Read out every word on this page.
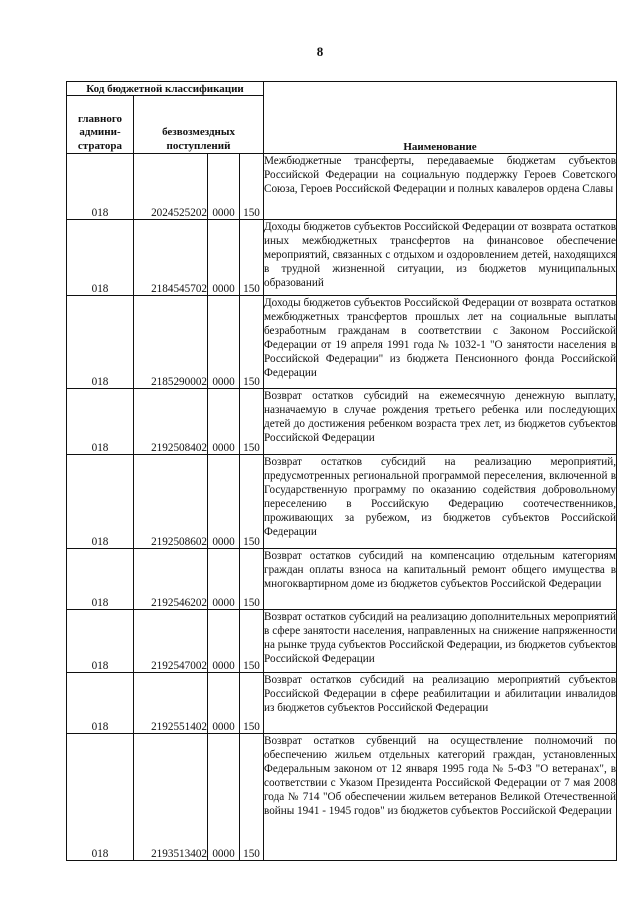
8
Код бюджетной классификации				Наименование
главного админи-стратора	безвозмездных поступлений			
018	2024525202	0000	150	Межбюджетные трансферты, передаваемые бюджетам субъектов Российской Федерации на социальную поддержку Героев Советского Союза, Героев Российской Федерации и полных кавалеров ордена Славы
018	2184545702	0000	150	Доходы бюджетов субъектов Российской Федерации от возврата остатков иных межбюджетных трансфертов на финансовое обеспечение мероприятий, связанных с отдыхом и оздоровлением детей, находящихся в трудной жизненной ситуации, из бюджетов муниципальных образований
018	2185290002	0000	150	Доходы бюджетов субъектов Российской Федерации от возврата остатков межбюджетных трансфертов прошлых лет на социальные выплаты безработным гражданам в соответствии с Законом Российской Федерации от 19 апреля 1991 года № 1032-1 "О занятости населения в Российской Федерации" из бюджета Пенсионного фонда Российской Федерации
018	2192508402	0000	150	Возврат остатков субсидий на ежемесячную денежную выплату, назначаемую в случае рождения третьего ребенка или последующих детей до достижения ребенком возраста трех лет, из бюджетов субъектов Российской Федерации
018	2192508602	0000	150	Возврат остатков субсидий на реализацию мероприятий, предусмотренных региональной программой переселения, включенной в Государственную программу по оказанию содействия добровольному переселению в Российскую Федерацию соотечественников, проживающих за рубежом, из бюджетов субъектов Российской Федерации
018	2192546202	0000	150	Возврат остатков субсидий на компенсацию отдельным категориям граждан оплаты взноса на капитальный ремонт общего имущества в многоквартирном доме из бюджетов субъектов Российской Федерации
018	2192547002	0000	150	Возврат остатков субсидий на реализацию дополнительных мероприятий в сфере занятости населения, направленных на снижение напряженности на рынке труда субъектов Российской Федерации, из бюджетов субъектов Российской Федерации
018	2192551402	0000	150	Возврат остатков субсидий на реализацию мероприятий субъектов Российской Федерации в сфере реабилитации и абилитации инвалидов из бюджетов субъектов Российской Федерации
018	2193513402	0000	150	Возврат остатков субвенций на осуществление полномочий по обеспечению жильем отдельных категорий граждан, установленных Федеральным законом от 12 января 1995 года № 5-ФЗ "О ветеранах", в соответствии с Указом Президента Российской Федерации от 7 мая 2008 года № 714 "Об обеспечении жильем ветеранов Великой Отечественной войны 1941 - 1945 годов" из бюджетов субъектов Российской Федерации
